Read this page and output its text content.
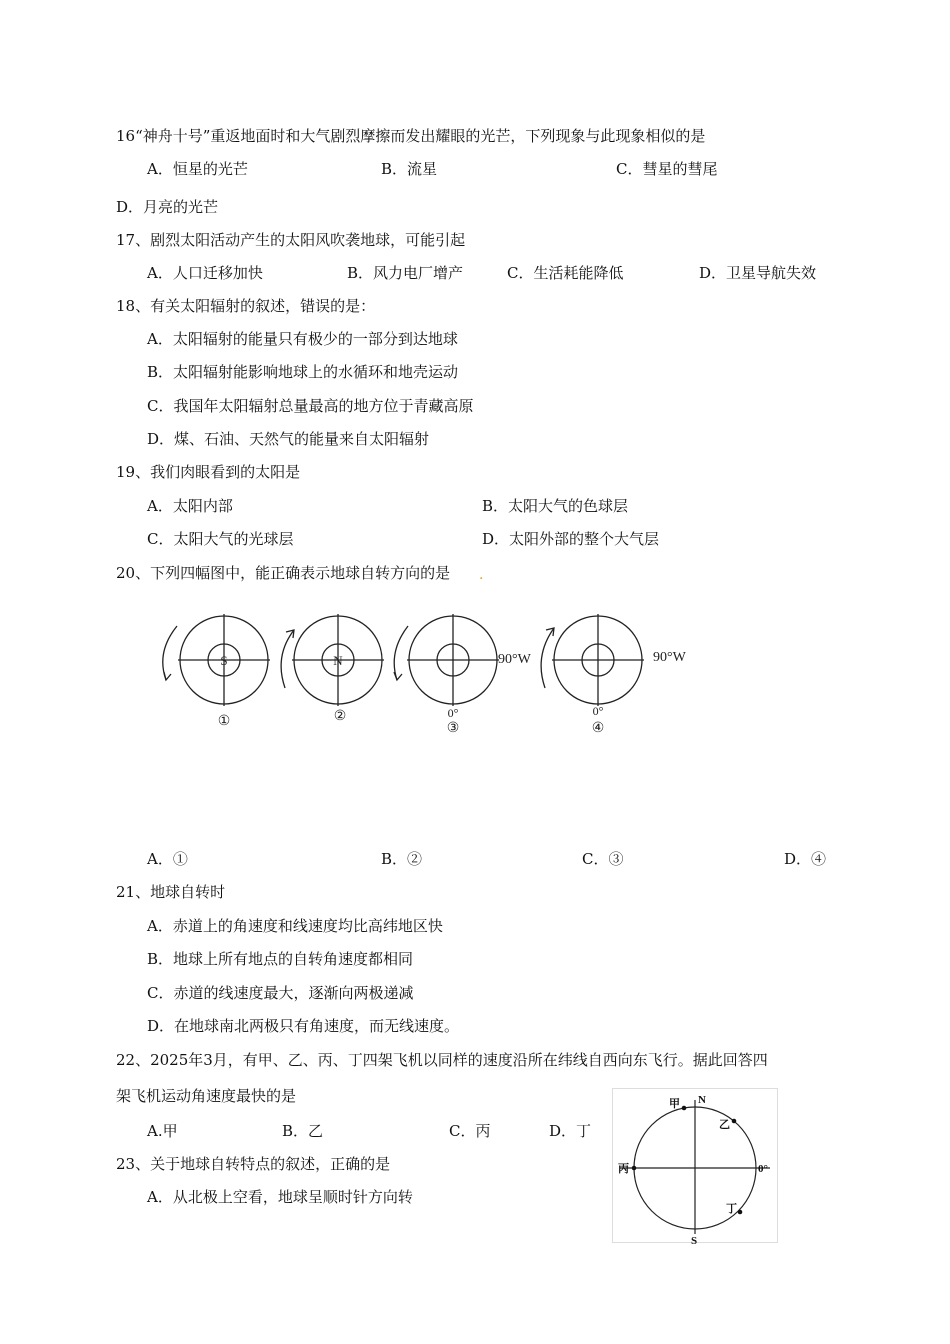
16“神舟十号”重返地面时和大气剧烈摩擦而发出耀眼的光芒，下列现象与此现象相似的是
A．恒星的光芒	B．流星	C．彗星的彗尾
D．月亮的光芒
17、剧烈太阳活动产生的太阳风吹袭地球，可能引起
A．人口迁移加快	B．风力电厂增产	C．生活耗能降低	D．卫星导航失效
18、有关太阳辐射的叙述，错误的是：
A．太阳辐射的能量只有极少的一部分到达地球
B．太阳辐射能影响地球上的水循环和地壳运动
C．我国年太阳辐射总量最高的地方位于青藏高原
D．煤、石油、天然气的能量来自太阳辐射
19、我们肉眼看到的太阳是
A．太阳内部	B．太阳大气的色球层
C．太阳大气的光球层	D．太阳外部的整个大气层
20、下列四幅图中，能正确表示地球自转方向的是 .
S	N	90°W
0°
90°W
0°
①	②
③	④
A．①	B．②	C．③	D．④
21、地球自转时
A．赤道上的角速度和线速度均比高纬地区快
B．地球上所有地点的自转角速度都相同
C．赤道的线速度最大，逐渐向两极递减
D．在地球南北两极只有角速度，而无线速度。
22、2025年3月，有甲、乙、丙、丁四架飞机以同样的速度沿所在纬线自西向东飞行。据此回答四
架飞机运动角速度最快的是
A.甲	B．乙	C．丙	D．丁
甲 N
乙
丙	0°
丁
S
23、关于地球自转特点的叙述，正确的是
A．从北极上空看，地球呈顺时针方向转
